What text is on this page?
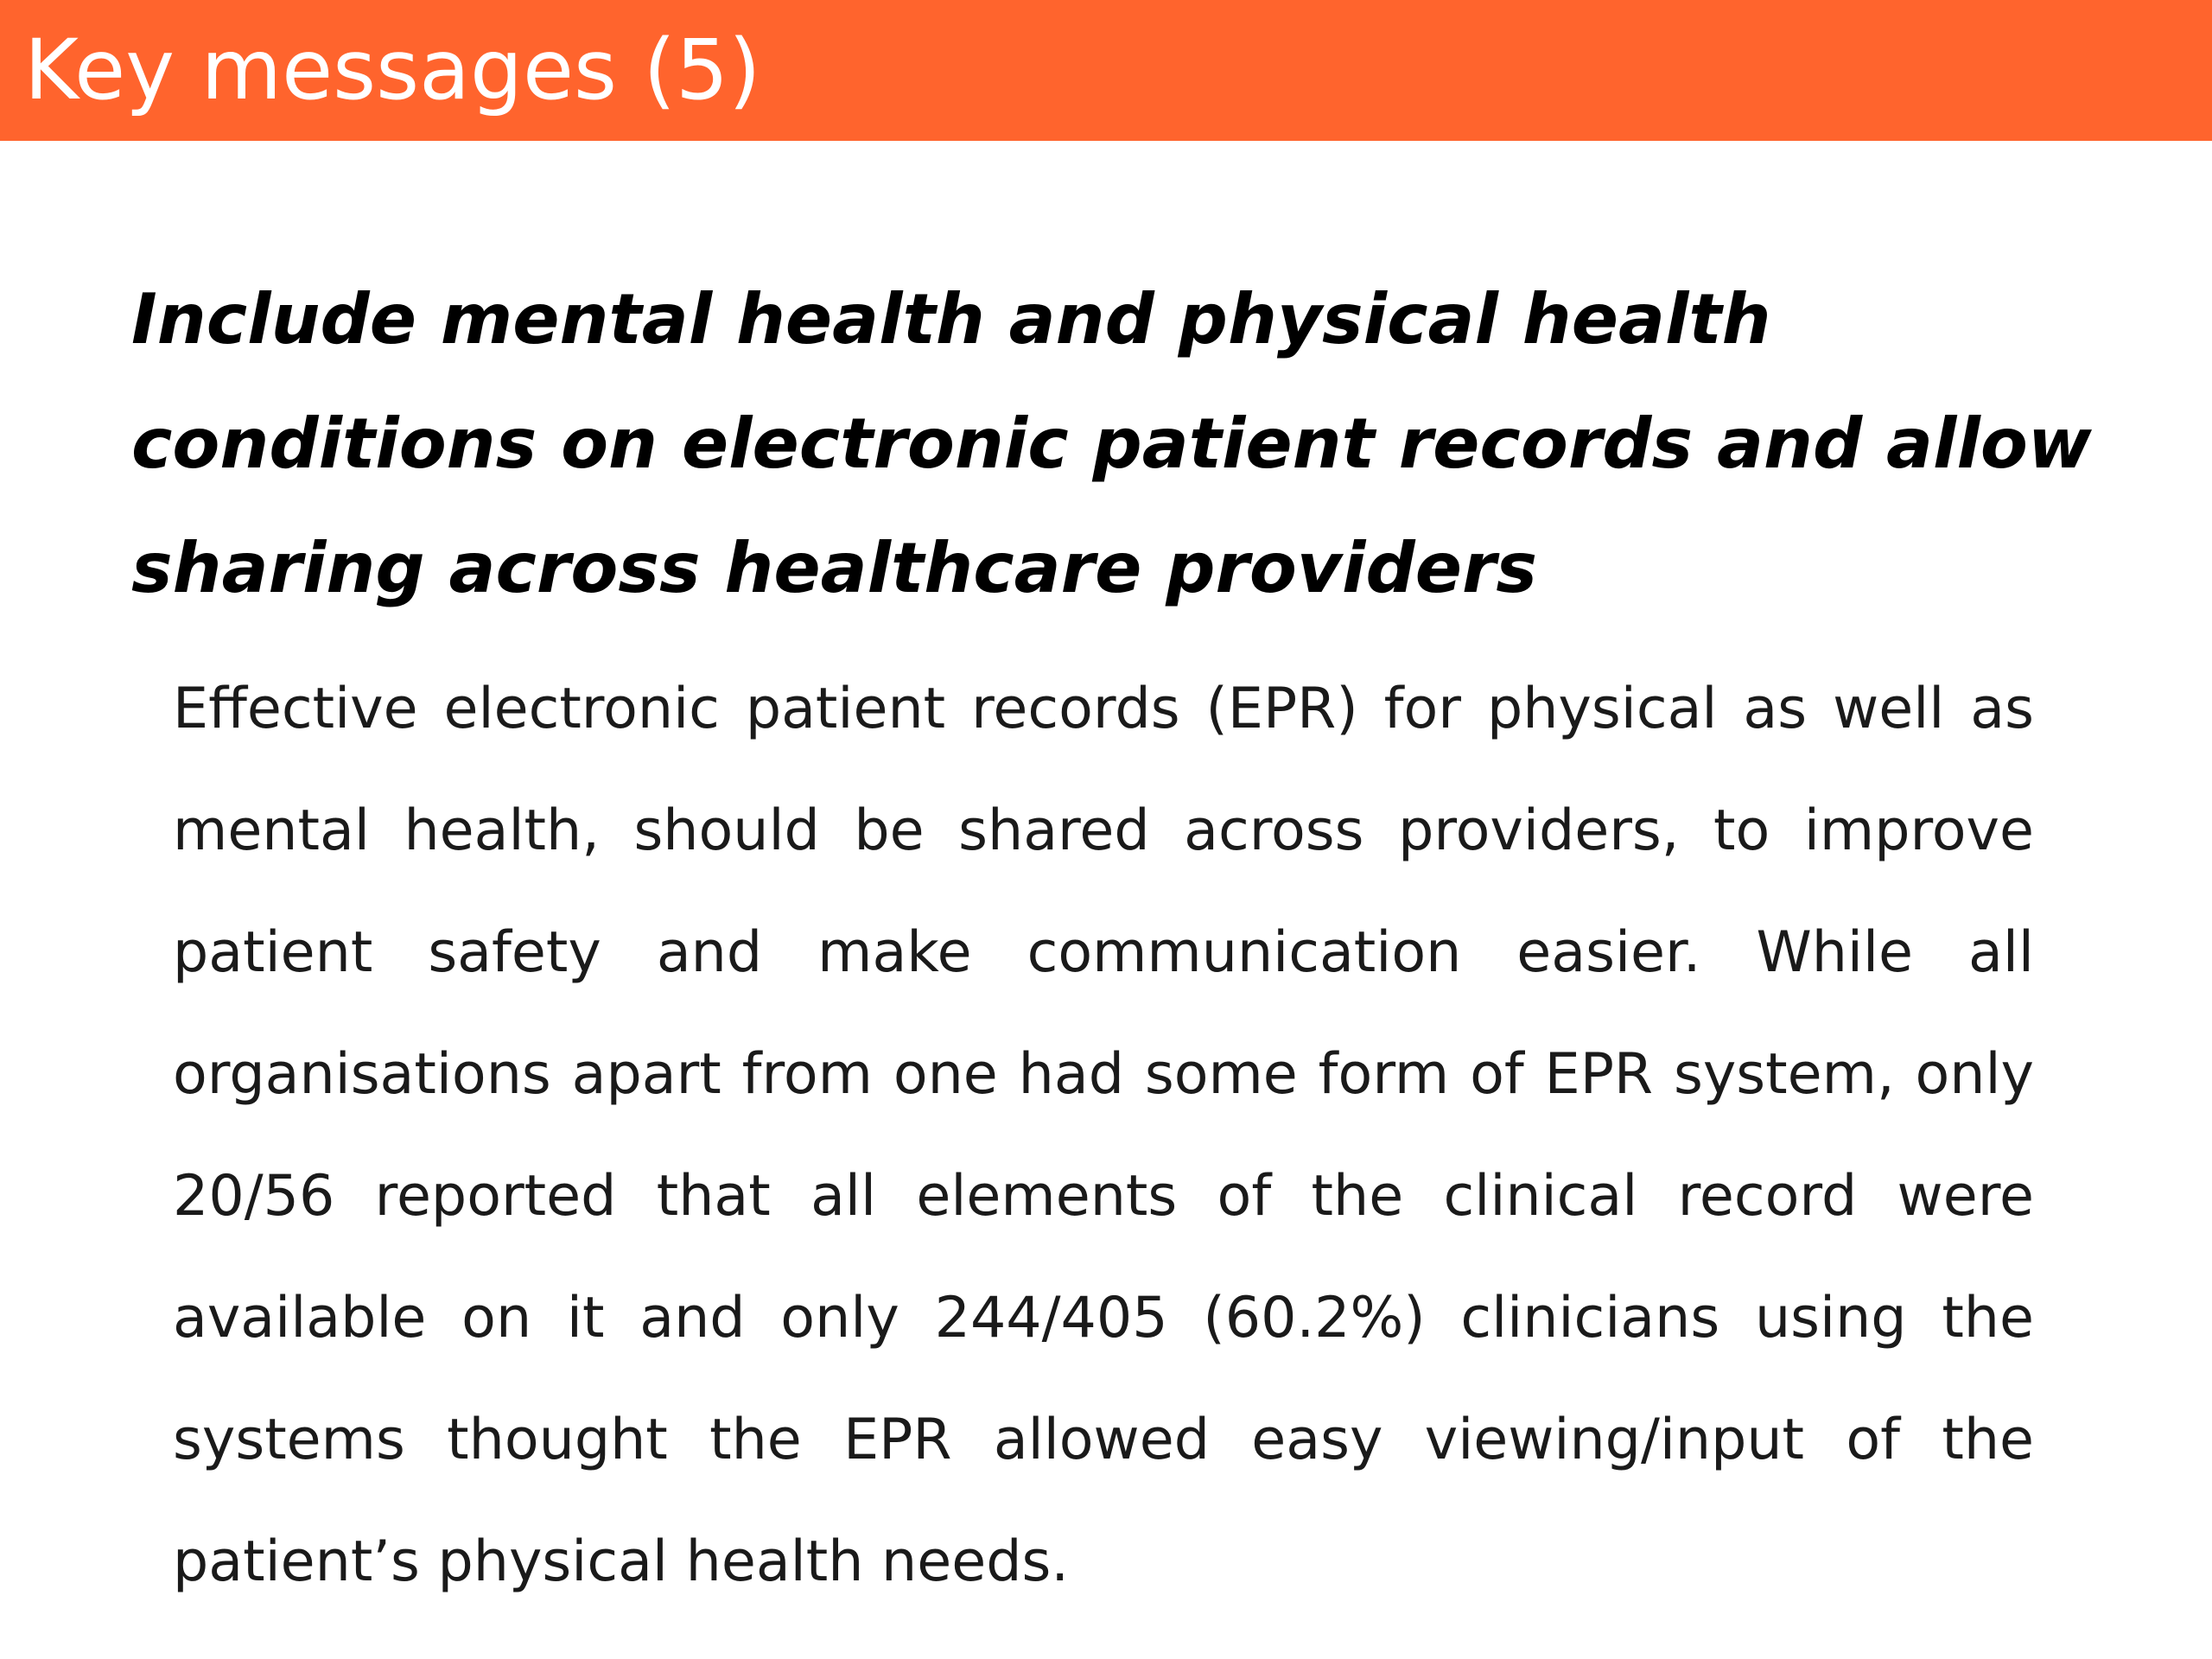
Key messages (5)

Include mental health and physical health conditions on electronic patient records and allow sharing across healthcare providers

Effective electronic patient records (EPR) for physical as well as mental health, should be shared across providers, to improve patient safety and make communication easier. While all organisations apart from one had some form of EPR system, only 20/56 reported that all elements of the clinical record were available on it and only 244/405 (60.2%) clinicians using the systems thought the EPR allowed easy viewing/input of the patient’s physical health needs.
